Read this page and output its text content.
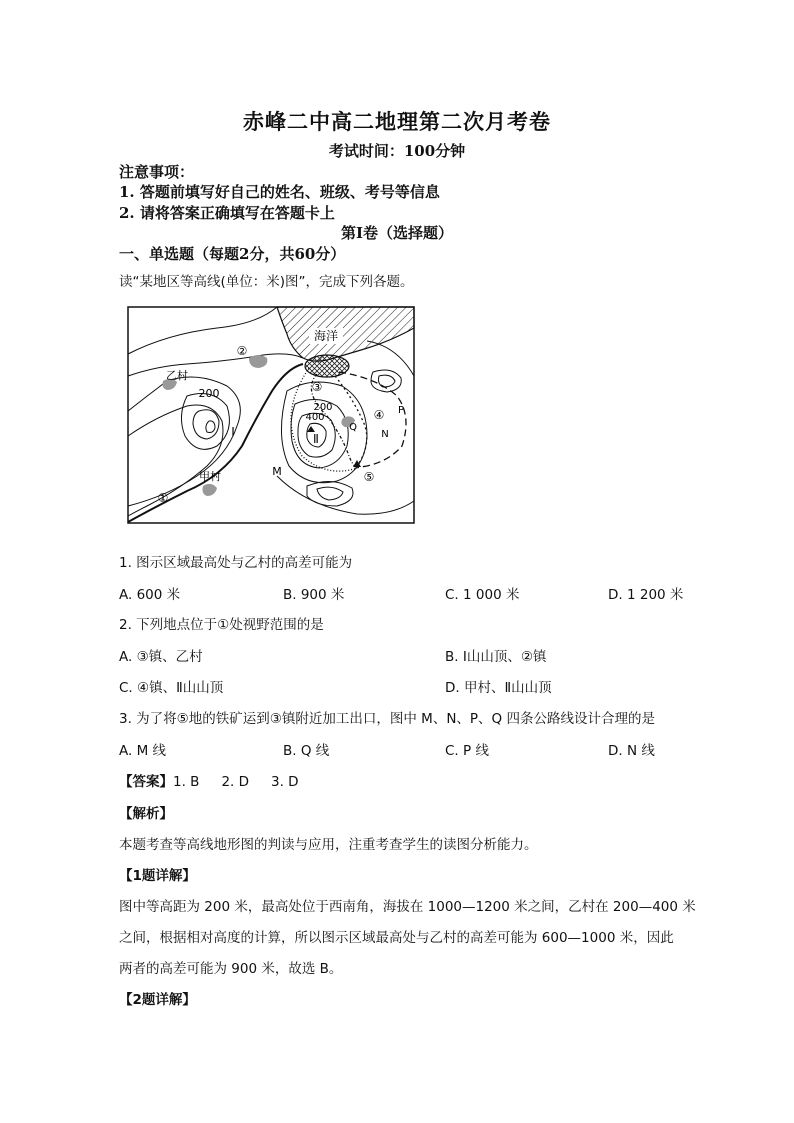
赤峰二中高二地理第二次月考卷
考试时间：100分钟
注意事项：
1. 答题前填写好自己的姓名、班级、考号等信息
2. 请将答案正确填写在答题卡上
第Ⅰ卷（选择题）
一、单选题（每题2分，共60分）
读“某地区等高线(单位：米)图”，完成下列各题。
海洋
②
③
④
⑤
①
乙村
甲村
200
200
400
Ⅰ	Ⅱ
M
N
P
Q
1. 图示区域最高处与乙村的高差可能为
A. 600 米	B. 900 米	C. 1 000 米	D. 1 200 米
2. 下列地点位于①处视野范围的是
A. ③镇、乙村	B. Ⅰ山山顶、②镇
C. ④镇、Ⅱ山山顶	D. 甲村、Ⅱ山山顶
3. 为了将⑤地的铁矿运到③镇附近加工出口，图中 M、N、P、Q 四条公路线设计合理的是
A. M 线	B. Q 线	C. P 线	D. N 线
【答案】1. B 2. D 3. D
【解析】
本题考查等高线地形图的判读与应用，注重考查学生的读图分析能力。
【1题详解】
图中等高距为 200 米，最高处位于西南角，海拔在 1000—1200 米之间，乙村在 200—400 米
之间，根据相对高度的计算，所以图示区域最高处与乙村的高差可能为 600—1000 米，因此
两者的高差可能为 900 米，故选 B。
【2题详解】
